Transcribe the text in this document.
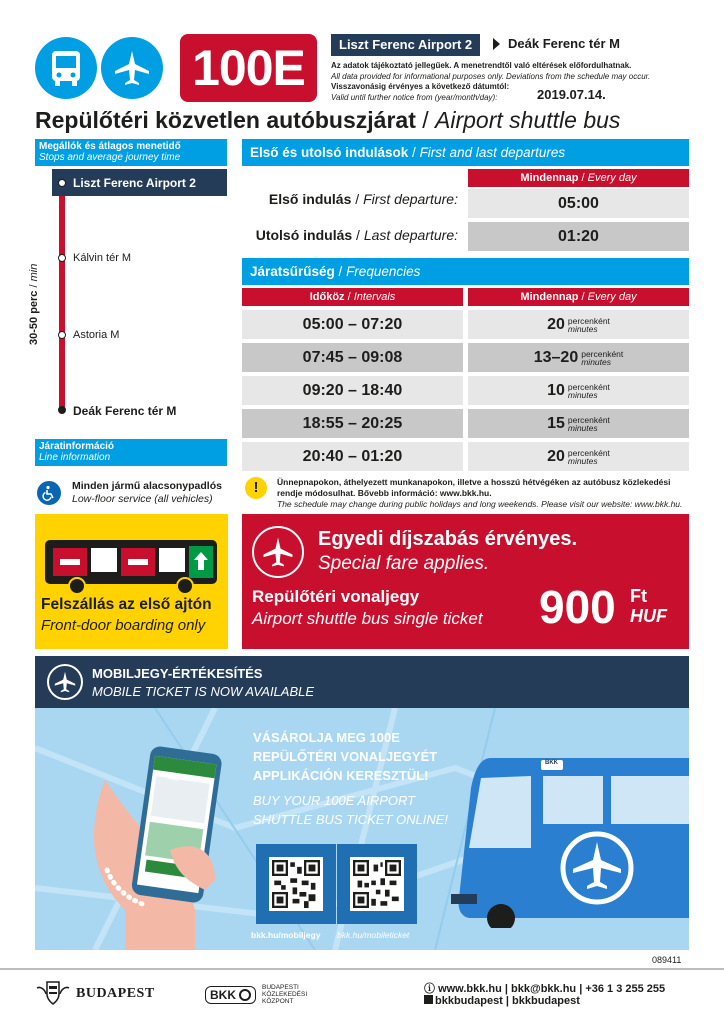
100E	Liszt Ferenc Airport 2	Deák Ferenc tér M
Az adatok tájékoztató jellegűek. A menetrendtől való eltérések előfordulhatnak.
All data provided for informational purposes only. Deviations from the schedule may occur.
Visszavonásig érvényes a következő dátumtól:
Valid until further notice from (year/month/day):	2019.07.14.
Repülőtéri közvetlen autóbuszjárat / Airport shuttle bus
Megállók és átlagos menetidő
Stops and average journey time
Liszt Ferenc Airport 2
Kálvin tér M
Astoria M
Deák Ferenc tér M
30-50 perc / min
Első és utolsó indulások / First and last departures
Mindennap / Every day
Első indulás / First departure:	05:00
Utolsó indulás / Last departure:	01:20
Járatsűrűség / Frequencies
Időköz / Intervals	Mindennap / Every day
05:00 – 07:20	20 percenként
minutes
07:45 – 09:08	13–20 percenként
minutes
09:20 – 18:40	10 percenként
minutes
18:55 – 20:25	15 percenként
minutes
20:40 – 01:20	20 percenként
minutes
Járatinformáció
Line information
Minden jármű alacsonypadlós
Low-floor service (all vehicles)
!	Ünnepnapokon, áthelyezett munkanapokon, illetve a hosszú hétvégéken az autóbusz közlekedési rendje módosulhat. Bővebb információ: www.bkk.hu.
The schedule may change during public holidays and long weekends. Please visit our website: www.bkk.hu.
Felszállás az első ajtón
Front-door boarding only
Egyedi díjszabás érvényes.
Special fare applies.
Repülőtéri vonaljegy
Airport shuttle bus single ticket 900 Ft
HUF
MOBILJEGY-ÉRTÉKESÍTÉS
MOBILE TICKET IS NOW AVAILABLE
100E
VÁSÁROLJA MEG 100E
REPÜLŐTÉRI VONALJEGYÉT
APPLIKÁCIÓN KERESZTÜL!
BUY YOUR 100E AIRPORT
SHUTTLE BUS TICKET ONLINE!
bkk.hu/mobiljegy bkk.hu/mobileticket
BKK
089411
BUDAPEST	BKK	BUDAPESTI
KÖZLEKEDÉSI
KÖZPONT
ⓘ www.bkk.hu | bkk@bkk.hu | +36 1 3 255 255
bkkbudapest | bkkbudapest
